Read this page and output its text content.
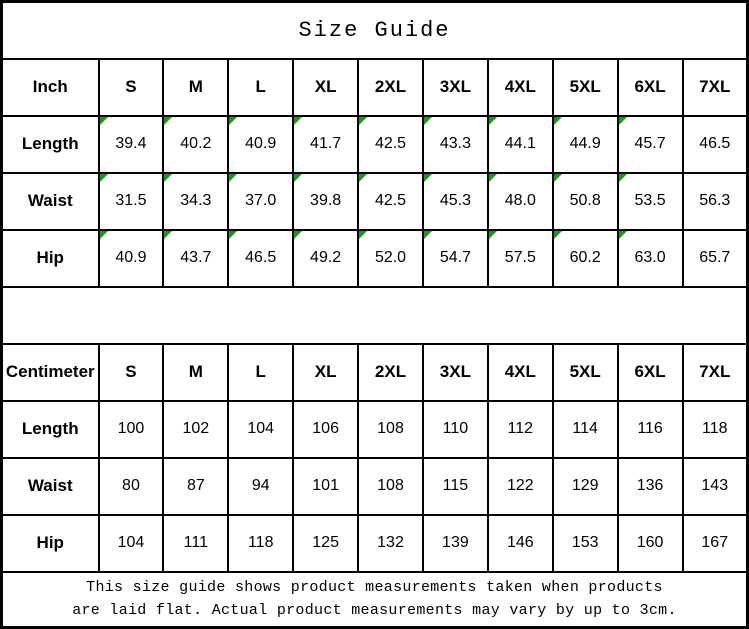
Size Guide										
Inch	S	M	L	XL	2XL	3XL	4XL	5XL	6XL	7XL
Length	39.4	40.2	40.9	41.7	42.5	43.3	44.1	44.9	45.7	46.5
Waist	31.5	34.3	37.0	39.8	42.5	45.3	48.0	50.8	53.5	56.3
Hip	40.9	43.7	46.5	49.2	52.0	54.7	57.5	60.2	63.0	65.7

Centimeter	S	M	L	XL	2XL	3XL	4XL	5XL	6XL	7XL
Length	100	102	104	106	108	110	112	114	116	118
Waist	80	87	94	101	108	115	122	129	136	143
Hip	104	111	118	125	132	139	146	153	160	167

This size guide shows product measurements taken when products
are laid flat. Actual product measurements may vary by up to 3cm.										
